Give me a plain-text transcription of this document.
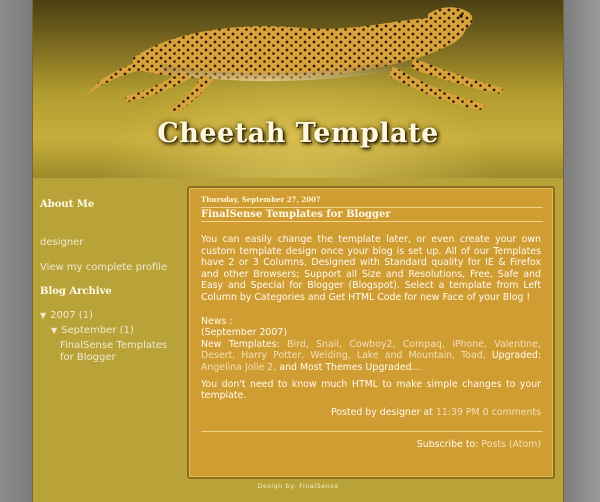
Cheetah Template
About Me
designer
View my complete profile
Blog Archive
▼ 2007 (1)
▼ September (1)
FinalSense Templates for Blogger
Thursday, September 27, 2007
FinalSense Templates for Blogger

You can easily change the template later, or even create your own custom template design once your blog is set up. All of our Templates have 2 or 3 Columns, Designed with Standard quality for IE & Firefox and other Browsers; Support all Size and Resolutions, Free, Safe and Easy and Special for Blogger (Blogspot). Select a template from Left Column by Categories and Get HTML Code for new Face of your Blog !

News :
(September 2007)
New Templates: Bird, Snail, Cowboy2, Compaq, iPhone, Valentine, Desert, Harry Potter, Welding, Lake and Mountain, Toad, Upgraded: Angelina Jolie 2, and Most Themes Upgraded...

You don't need to know much HTML to make simple changes to your template.

Posted by designer at 11:39 PM 0 comments
Subscribe to: Posts (Atom)
Design by: FinalSense
